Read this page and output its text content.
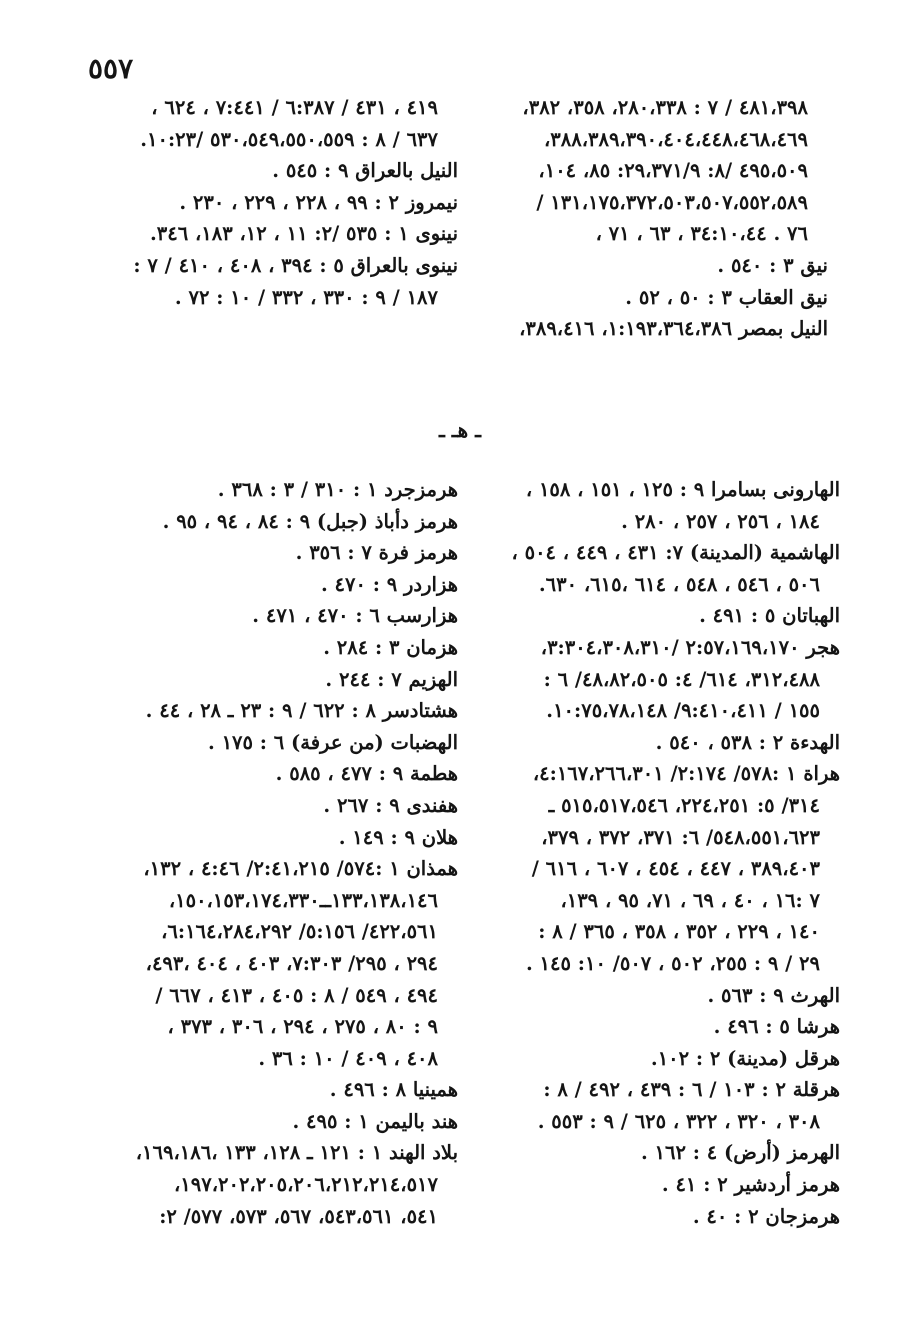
٥٥٧
٤٨١،٣٩٨ / ٧ : ٢٨٠،٣٣٨، ٣٥٨، ٣٨٢،
٣٨٨،٣٨٩،٣٩٠،٤٠٤،٤٤٨،٤٦٨،٤٦٩،
٤٩٥،٥٠٩ /٨: ٢٩،٣٧١/٩: ٨٥، ١٠٤،
١٣١،١٧٥،٣٧٢،٥٠٣،٥٠٧،٥٥٢،٥٨٩ /
٧٦ . ٣٤:١٠،٤٤ ، ٦٣ ، ٧١ ،
نيق ٣ : ٥٤٠ .
نيق العقاب ٣ : ٥٠ ، ٥٢ .
النيل بمصر ١:١٩٣،٣٦٤،٣٨٦، ٣٨٩،٤١٦،
٤١٩ ، ٤٣١ / ٦:٣٨٧ / ٧:٤٤١ ، ٦٢٤ ،
٦٣٧ / ٨ : ٥٣٠،٥٤٩،٥٥٠،٥٥٩ /١٠:٢٣.
النيل بالعراق ٩ : ٥٤٥ .
نيمروز ٢ : ٩٩ ، ٢٢٨ ، ٢٢٩ ، ٢٣٠ .
نينوى ١ : ٥٣٥ /٢: ١١ ، ١٢، ١٨٣، ٣٤٦.
نينوى بالعراق ٥ : ٣٩٤ ، ٤٠٨ ، ٤١٠ / ٧ :
١٨٧ / ٩ : ٣٣٠ ، ٣٣٢ / ١٠ : ٧٢ .
ـ هـ ـ
الهارونى بسامرا ٩ : ١٢٥ ، ١٥١ ، ١٥٨ ،
١٨٤ ، ٢٥٦ ، ٢٥٧ ، ٢٨٠ .
الهاشمية (المدينة) ٧: ٤٣١ ، ٤٤٩ ، ٥٠٤ ،
٥٠٦ ، ٥٤٦ ، ٥٤٨ ، ٦١٤ ،٦١٥، ٦٣٠.
الهباتان ٥ : ٤٩١ .
هجر ٢:٥٧،١٦٩،١٧٠ /٣:٣٠٤،٣٠٨،٣١٠،
٣١٢،٤٨٨، ٦١٤/ ٤: ٤٨،٨٢،٥٠٥/ ٦ :
١٥٥ / ٩:٤١٠،٤١١/ ١٠:٧٥،٧٨،١٤٨.
الهدءة ٢ : ٥٣٨ ، ٥٤٠ .
هراة ١ :٥٧٨/ ٢:١٧٤/ ٤:١٦٧،٢٦٦،٣٠١،
٣١٤/ ٥: ٢٢٤،٢٥١، ٥١٥،٥١٧،٥٤٦ ـ
٥٤٨،٥٥١،٦٢٣/ ٦: ٣٧١، ٣٧٢ ، ٣٧٩،
٣٨٩،٤٠٣ ، ٤٤٧ ، ٤٥٤ ، ٦٠٧ ، ٦١٦ /
٧ :١٦ ، ٤٠ ، ٦٩ ، ٧١، ٩٥ ، ١٣٩،
١٤٠ ، ٢٢٩ ، ٣٥٢ ، ٣٥٨ ، ٣٦٥ / ٨ :
٢٩ / ٩ : ٢٥٥، ٥٠٢ ، ٥٠٧/ ١٠: ١٤٥ .
الهرث ٩ : ٥٦٣ .
هرشا ٥ : ٤٩٦ .
هرقل (مدينة) ٢ : ١٠٢.
هرقلة ٢ : ١٠٣ / ٦ : ٤٣٩ ، ٤٩٢ / ٨ :
٣٠٨ ، ٣٢٠ ، ٣٢٢ ، ٦٢٥ / ٩ : ٥٥٣ .
الهرمز (أرض) ٤ : ١٦٢ .
هرمز أردشير ٢ : ٤١ .
هرمزجان ٢ : ٤٠ .
هرمزجرد ١ : ٣١٠ / ٣ : ٣٦٨ .
هرمز دأباذ (جبل) ٩ : ٨٤ ، ٩٤ ، ٩٥ .
هرمز فرة ٧ : ٣٥٦ .
هزاردر ٩ : ٤٧٠ .
هزارسب ٦ : ٤٧٠ ، ٤٧١ .
هزمان ٣ : ٢٨٤ .
الهزيم ٧ : ٢٤٤ .
هشتادسر ٨ : ٦٢٢ / ٩ : ٢٣ ـ ٢٨ ، ٤٤ .
الهضبات (من عرفة) ٦ : ١٧٥ .
هطمة ٩ : ٤٧٧ ، ٥٨٥ .
هفندى ٩ : ٢٦٧ .
هلان ٩ : ١٤٩ .
همذان ١ :٥٧٤/ ٢:٤١،٢١٥/ ٤:٤٦ ، ١٣٢،
١٣٣،١٣٨،١٤٦ــ١٥٠،١٥٣،١٧٤،٣٣٠،
٤٢٢،٥٦١/ ٥:١٥٦/ ٦:١٦٤،٢٨٤،٢٩٢،
٢٩٤ ، ٢٩٥/ ٧:٣٠٣، ٤٠٣ ، ٤٠٤ ،٤٩٣،
٤٩٤ ، ٥٤٩ / ٨ : ٤٠٥ ، ٤١٣ ، ٦٦٧ /
٩ : ٨٠ ، ٢٧٥ ، ٢٩٤ ، ٣٠٦ ، ٣٧٣ ،
٤٠٨ ، ٤٠٩ / ١٠ : ٣٦ .
همينيا ٨ : ٤٩٦ .
هند باليمن ١ : ٤٩٥ .
بلاد الهند ١ : ١٢١ ـ ١٢٨، ١٣٣ ،١٦٩،١٨٦،
١٩٧،٢٠٢،٢٠٥،٢٠٦،٢١٢،٢١٤،٥١٧،
٥٤١، ٥٤٣،٥٦١، ٥٦٧، ٥٧٣، ٥٧٧/ ٢:
